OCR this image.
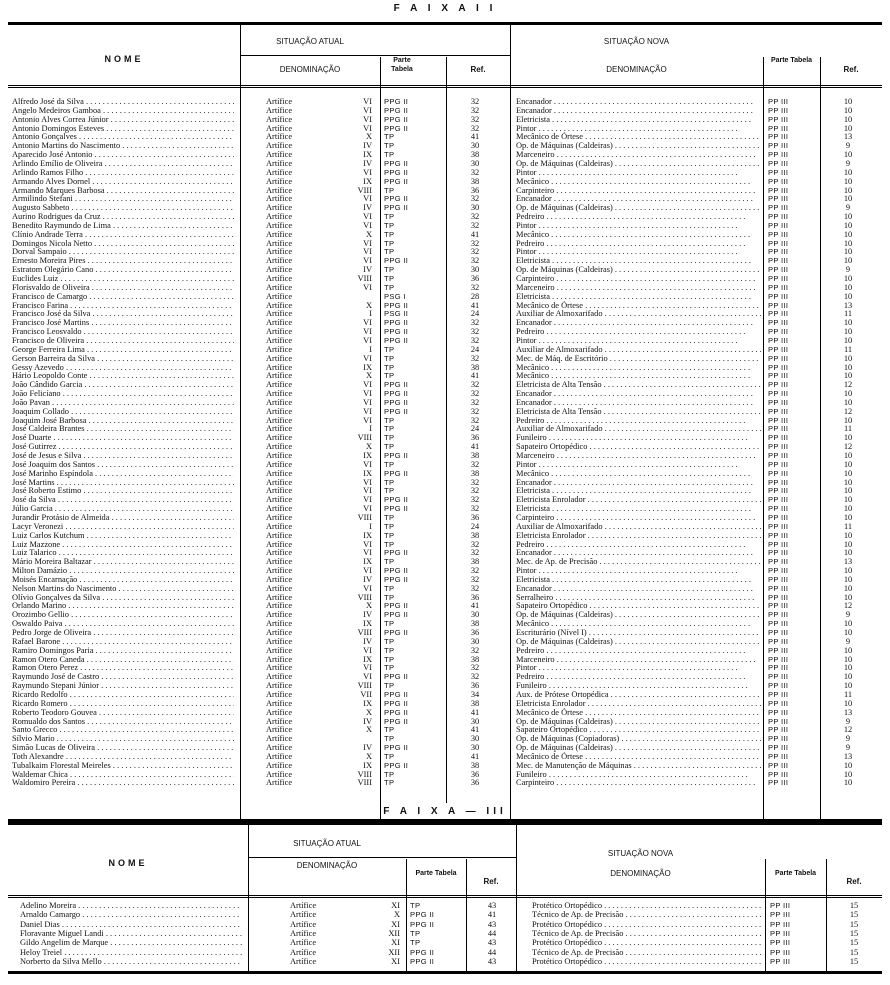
F A I X A I I
NOME
SITUAÇÃO ATUAL
DENOMINAÇÃO
Parte Tabela	Ref.
SITUAÇÃO NOVA
DENOMINAÇÃO
Parte Tabela
Ref.
Alfredo José da Silva . . .	Artífice	VI PPG II	32	Encanador . . .	PP III	10
Angelo Medeiros Gamboa . . .	Artífice	VI PPG II	32	Encanador . . .	PP III	10
Antonio Alves Correa Júnior . . .	Artífice	VI PPG II	32	Eletricista . . .	PP III	10
Antonio Domingos Esteves . . .	Artífice	VI PPG II	32	Pintor . . .	PP III	10
Antonio Gonçalves . . .	Artífice	X TP	41	Mecânico de Órtese . . .	PP III	13
Antonio Martins do Nascimento . . .	Artífice	IV TP	30	Op. de Máquinas (Caldeiras) . . .	PP III	9
Aparecido José Antonio . . .	Artífice	IX TP	38	Marceneiro . . .	PP III	10
Arlindo Emílio de Oliveira . . .	Artífice	IV PPG II	30	Op. de Máquinas (Caldeiras) . . .	PP III	9
Arlindo Ramos Filho . . .	Artífice	VI PPG II	32	Pintor . . .	PP III	10
Armando Alves Dornel . . .	Artífice	IX PPG II	38	Mecânico . . .	PP III	10
Armando Marques Barbosa . . .	Artífice	VIII TP	36	Carpinteiro . . .	PP III	10
Armilindo Stefani . . .	Artífice	VI PPG II	32	Encanador . . .	PP III	10
Augusto Sabbeto . . .	Artífice	IV PPG II	30	Op. de Máquinas (Caldeiras) . . .	PP III	9
Aurino Rodrigues da Cruz . . .	Artífice	VI TP	32	Pedreiro . . .	PP III	10
Benedito Raymundo de Lima . . .	Artífice	VI TP	32	Pintor . . .	PP III	10
Clínio Andrade Terra . . .	Artífice	X TP	41	Mecânico . . .	PP III	10
Domingos Nicola Netto . . .	Artífice	VI TP	32	Pedreiro . . .	PP III	10
Dorval Sampaio . . .	Artífice	VI TP	32	Pintor . . .	PP III	10
Ernesto Moreira Pires . . .	Artífice	VI PPG II	32	Eletricista . . .	PP III	10
Estratom Olegário Cano . . .	Artífice	IV TP	30	Op. de Máquinas (Caldeiras) . . .	PP III	9
Euclides Luiz . . .	Artífice	VIII TP	36	Carpinteiro . . .	PP III	10
Florisvaldo de Oliveira . . .	Artífice	VI TP	32	Marceneiro . . .	PP III	10
Francisco de Camargo . . .	Artífice	PSG I	28	Eletricista . . .	PP III	10
Francisco Farina . . .	Artífice	X PPG II	41	Mecânico de Órtese . . .	PP III	13
Francisco José da Silva . . .	Artífice	I PSG II	24	Auxiliar de Almoxarifado . . .	PP III	11
Francisco José Martins . . .	Artífice	VI PPG II	32	Encanador . . .	PP III	10
Francisco Leosvaldo . . .	Artífice	VI PPG II	32	Pedreiro . . .	PP III	10
Francisco de Oliveira . . .	Artífice	VI PPG II	32	Pintor . . .	PP III	10
George Ferreira Lima . . .	Artífice	I TP	24	Auxiliar de Almoxarifado . . .	PP III	11
Gerson Barreira da Silva . . .	Artífice	VI TP	32	Mec. de Máq. de Escritório . . .	PP III	10
Gessy Azevedo . . .	Artífice	IX TP	38	Mecânico . . .	PP III	10
Hário Leopoldo Conte . . .	Artífice	X TP	41	Mecânico . . .	PP III	10
João Cândido Garcia . . .	Artífice	VI PPG II	32	Eletricista de Alta Tensão . . .	PP III	12
João Felicíano . . .	Artífice	VI PPG II	32	Encanador . . .	PP III	10
João Pavan . . .	Artífice	VI PPG II	32	Encanador . . .	PP III	10
Joaquim Collado . . .	Artífice	VI PPG II	32	Eletricista de Alta Tensão . . .	PP III	12
Joaquim José Barbosa . . .	Artífice	VI TP	32	Pedreiro . . .	PP III	10
José Caldeira Brantes . . .	Artífice	I TP	24	Auxiliar de Almoxarifado . . .	PP III	11
José Duarte . . .	Artífice	VIII TP	36	Funileiro . . .	PP III	10
José Gutirrez . . .	Artífice	X TP	41	Sapateiro Ortopédico . . .	PP III	12
José de Jesus e Silva . . .	Artífice	IX PPG II	38	Marceneiro . . .	PP III	10
José Joaquim dos Santos . . .	Artífice	VI TP	32	Pintor . . .	PP III	10
José Marinho Espíndola . . .	Artífice	IX PPG II	38	Mecânico . . .	PP III	10
José Martins . . .	Artífice	VI TP	32	Encanador . . .	PP III	10
José Roberto Estimo . . .	Artífice	VI TP	32	Eletricista . . .	PP III	10
José da Silva . . .	Artífice	VI PPG II	32	Eletricista Enrolador . . .	PP III	10
Júlio Garcia . . .	Artífice	VI PPG II	32	Eletricista . . .	PP III	10
Jurandir Protásio de Almeida . . .	Artífice	VIII TP	36	Carpinteiro . . .	PP III	10
Lacyr Veronezi . . .	Artífice	I TP	24	Auxiliar de Almoxarifado . . .	PP III	11
Luiz Carlos Kutchum . . .	Artífice	IX TP	38	Eletricista Enrolador . . .	PP III	10
Luiz Mazzone . . .	Artífice	VI TP	32	Pedreiro . . .	PP III	10
Luiz Talarico . . .	Artífice	VI PPG II	32	Encanador . . .	PP III	10
Mário Moreira Baltazar . . .	Artífice	IX TP	38	Mec. de Ap. de Precisão . . .	PP III	13
Milton Damázio . . .	Artífice	VI PPG II	32	Pintor . . .	PP III	10
Moisés Encarnação . . .	Artífice	IV PPG II	32	Eletricista . . .	PP III	10
Nelson Martins do Nascimento . . .	Artífice	VI TP	32	Encanador . . .	PP III	10
Olívio Gonçalves da Silva . . .	Artífice	VIII TP	36	Serralheiro . . .	PP III	10
Orlando Marino . . .	Artífice	X PPG II	41	Sapateiro Ortopédico . . .	PP III	12
Orozimbo Gellio . . .	Artífice	IV PPG II	30	Op. de Máquinas (Caldeiras) . . .	PP III	9
Oswaldo Paiva . . .	Artífice	IX TP	38	Mecânico . . .	PP III	10
Pedro Jorge de Oliveira . . .	Artífice	VIII PPG II	36	Escriturário (Nível I) . . .	PP III	10
Rafael Barone . . .	Artífice	IV TP	30	Op. de Máquinas (Caldeiras) . . .	PP III	9
Ramiro Domingos Paria . . .	Artífice	VI TP	32	Pedreiro . . .	PP III	10
Ramon Otero Caneda . . .	Artífice	IX TP	38	Marceneiro . . .	PP III	10
Ramon Otero Perez . . .	Artífice	VI TP	32	Pintor . . .	PP III	10
Raymundo José de Castro . . .	Artífice	VI PPG II	32	Pedreiro . . .	PP III	10
Raymundo Stepani Júnior . . .	Artífice	VIII TP	36	Funileiro . . .	PP III	10
Ricardo Redolfo . . .	Artífice	VII PPG II	34	Aux. de Prótese Ortopédica . . .	PP III	11
Ricardo Romero . . .	Artífice	IX PPG II	38	Eletricista Enrolador . . .	PP III	10
Roberto Teodoro Gouvea . . .	Artífice	X PPG II	41	Mecânico de Órtese . . .	PP III	13
Romualdo dos Santos . . .	Artífice	IV PPG II	30	Op. de Máquinas (Caldeiras) . . .	PP III	9
Santo Grecco . . .	Artífice	X TP	41	Sapateiro Ortopédico . . .	PP III	12
Sílvio Mario . . .	Artífice	TP	30	Op. de Máquinas (Copiadoras) . . .	PP III	9
Simão Lucas de Oliveira . . .	Artífice	IV PPG II	30	Op. de Máquinas (Caldeiras) . . .	PP III	9
Toth Alexandre . . .	Artífice	X TP	41	Mecânico de Órtese . . .	PP III	13
Tubalkaim Florestal Meireles . . .	Artífice	IX PPG II	38	Mec. de Manutenção de Máquinas . . .	PP III	10
Waldemar Chica . . .	Artífice	VIII TP	36	Funileiro . . .	PP III	10
Waldomiro Pereira . . .	Artífice	VIII TP	36	Carpinteiro . . .	PP III	10
F A I X A — III
NOME
SITUAÇÃO ATUAL
DENOMINAÇÃO
Parte Tabela
Ref.
SITUAÇÃO NOVA
DENOMINAÇÃO	Parte Tabela
Ref.
Adelino Moreira . . .	Artífice	XI TP	43	Protético Ortopédico . . .	PP III	15
Arnaldo Camargo . . .	Artífice	X PPG II	41	Técnico de Ap. de Precisão . . .	PP III	15
Daniel Dias . . .	Artífice	XI PPG II	43	Protético Ortopédico . . .	PP III	15
Floravante Miguel Landi . . .	Artífice	XII TP	44	Técnico de Ap. de Precisão . . .	PP III	15
Gildo Angelim de Marque . . .	Artífice	XI TP	43	Protético Ortopédico . . .	PP III	15
Heloy Treiel . . .	Artífice	XII PPG II	44	Técnico de Ap. de Precisão . . .	PP III	15
Norberto da Silva Mello . . .	Artífice	XI PPG II	43	Protético Ortopédico . . .	PP III	15
